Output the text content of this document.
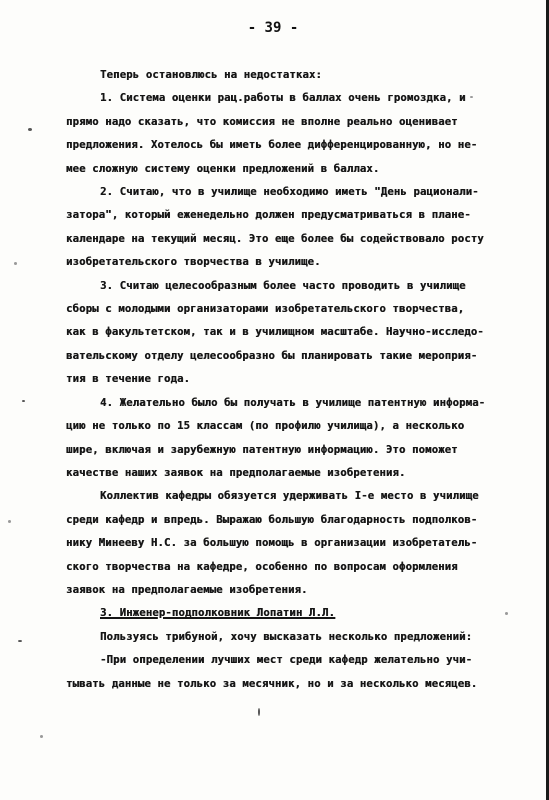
- 39 -
Теперь остановлюсь на недостатках:
1. Система оценки рац.работы в баллах очень громоздка, и
прямо надо сказать, что комиссия не вполне реально оценивает
предложения. Хотелось бы иметь более дифференцированную, но не-
мее сложную систему оценки предложений в баллах.
2. Считаю, что в училище необходимо иметь "День рационали-
затора", который еженедельно должен предусматриваться в плане-
календаре на текущий месяц. Это еще более бы содействовало росту
изобретательского творчества в училище.
3. Считаю целесообразным более часто проводить в училище
сборы с молодыми организаторами изобретательского творчества,
как в факультетском, так и в училищном масштабе. Научно-исследо-
вательскому отделу целесообразно бы планировать такие мероприя-
тия в течение года.
4. Желательно было бы получать в училище патентную информа-
цию не только по 15 классам (по профилю училища), а несколько
шире, включая и зарубежную патентную информацию. Это поможет
качестве наших заявок на предполагаемые изобретения.
Коллектив кафедры обязуется удерживать I-е место в училище
среди кафедр и впредь. Выражаю большую благодарность подполков-
нику Минееву Н.С. за большую помощь в организации изобретатель-
ского творчества на кафедре, особенно по вопросам оформления
заявок на предполагаемые изобретения.
3. Инженер-подполковник Лопатин Л.Л.
Пользуясь трибуной, хочу высказать несколько предложений:
-При определении лучших мест среди кафедр желательно учи-
тывать данные не только за месячник, но и за несколько месяцев.
